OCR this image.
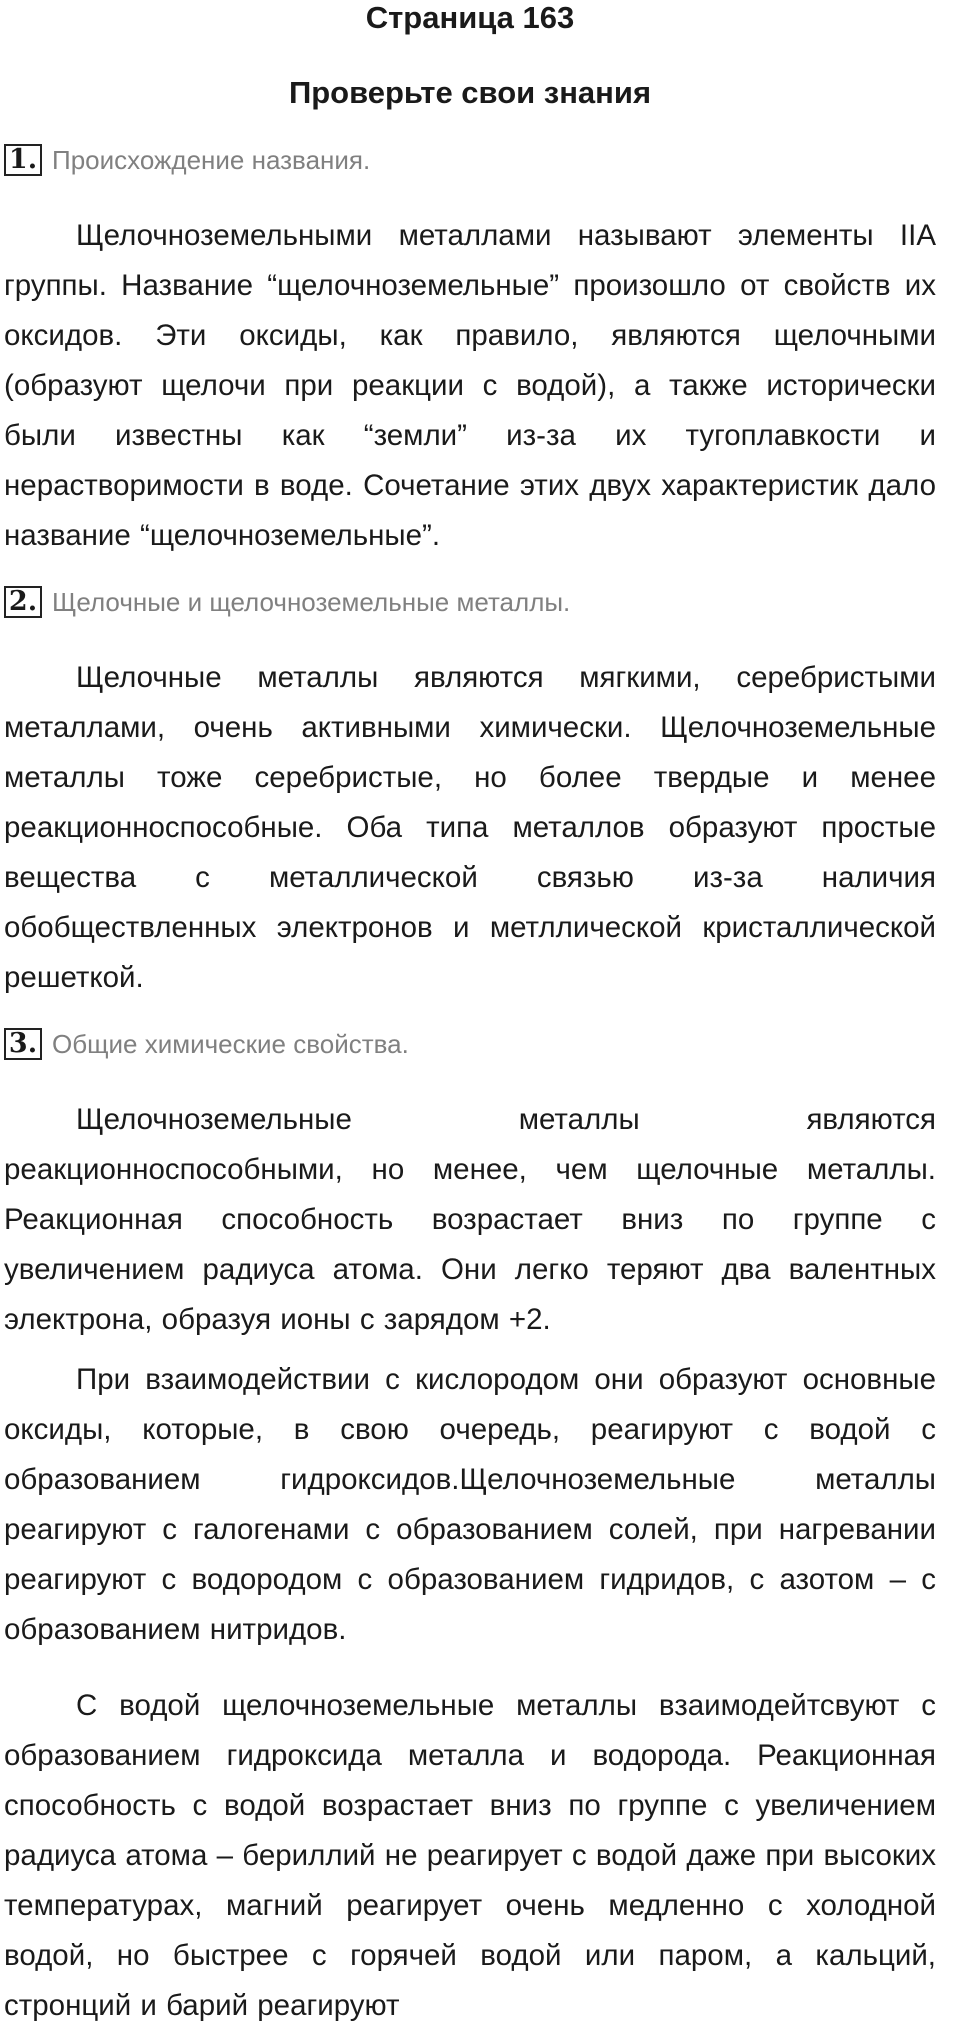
Страница 163
Проверьте свои знания
1. Происхождение названия.

Щелочноземельными металлами называют элементы IIA группы. Название “щелочноземельные” произошло от свойств их оксидов. Эти оксиды, как правило, являются щелочными (образуют щелочи при реакции с водой), а также исторически были известны как “земли” из-за их тугоплавкости и нерастворимости в воде. Сочетание этих двух характеристик дало название “щелочноземельные”.

2. Щелочные и щелочноземельные металлы.

Щелочные металлы являются мягкими, серебристыми металлами, очень активными химически. Щелочноземельные металлы тоже серебристые, но более твердые и менее реакционноспособные. Оба типа металлов образуют простые вещества с металлической связью из-за наличия обобществленных электронов и метллической кристаллической решеткой.

3. Общие химические свойства.

Щелочноземельные металлы являются реакционноспособными, но менее, чем щелочные металлы. Реакционная способность возрастает вниз по группе с увеличением радиуса атома. Они легко теряют два валентных электрона, образуя ионы с зарядом +2.

При взаимодействии с кислородом они образуют основные оксиды, которые, в свою очередь, реагируют с водой с образованием гидроксидов.Щелочноземельные металлы реагируют с галогенами с образованием солей, при нагревании реагируют с водородом с образованием гидридов, с азотом – с образованием нитридов.

С водой щелочноземельные металлы взаимодейтсвуют с образованием гидроксида металла и водорода. Реакционная способность с водой возрастает вниз по группе с увеличением радиуса атома – бериллий не реагирует с водой даже при высоких температурах, магний реагирует очень медленно с холодной водой, но быстрее с горячей водой или паром, а кальций, стронций и барий реагируют
